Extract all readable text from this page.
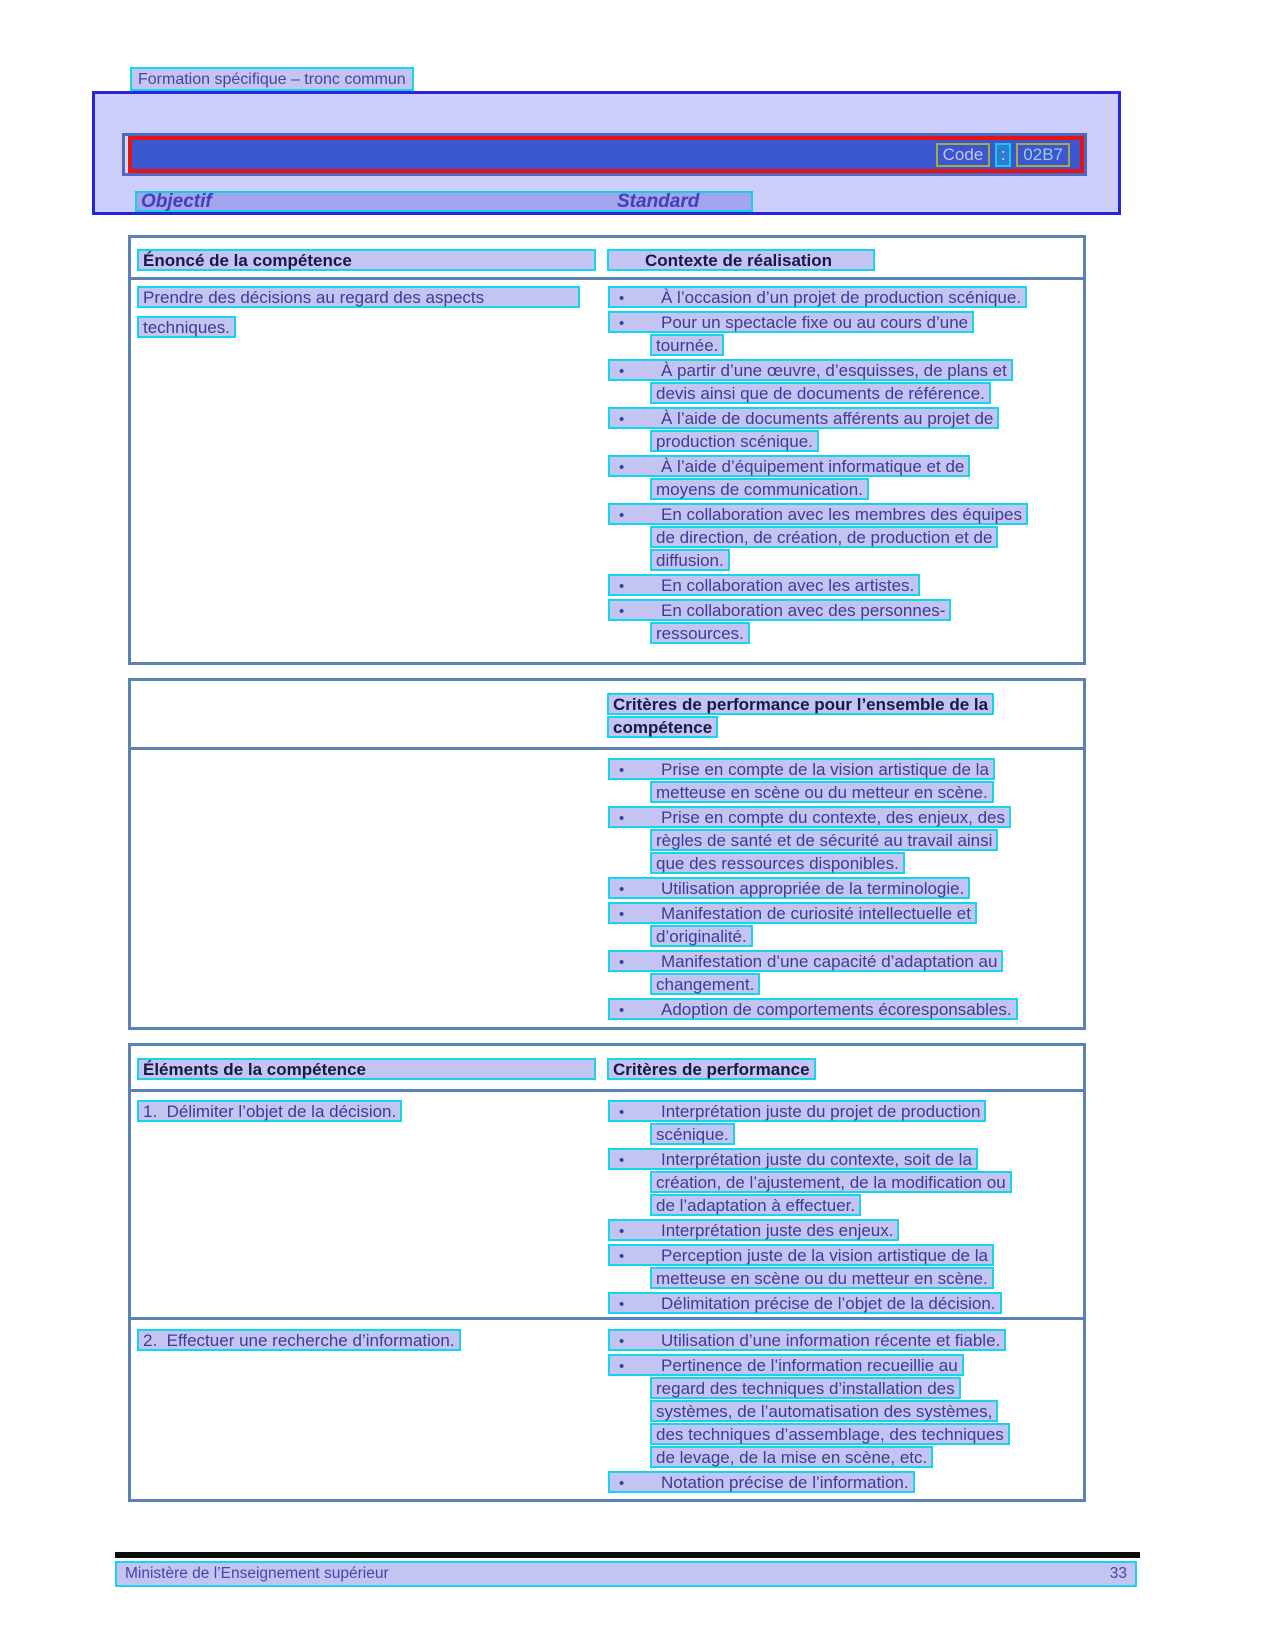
Formation spécifique – tronc commun
Code	:	02B7
Objectif	Standard
Énoncé de la compétence	Contexte de réalisation
Prendre des décisions au regard des aspects
techniques.
• À l’occasion d’un projet de production scénique.
• Pour un spectacle fixe ou au cours d’une
tournée.
• À partir d’une œuvre, d’esquisses, de plans et
devis ainsi que de documents de référence.
• À l’aide de documents afférents au projet de
production scénique.
• À l’aide d’équipement informatique et de
moyens de communication.
• En collaboration avec les membres des équipes
de direction, de création, de production et de
diffusion.
• En collaboration avec les artistes.
• En collaboration avec des personnes-
ressources.
Critères de performance pour l’ensemble de la
compétence
• Prise en compte de la vision artistique de la
metteuse en scène ou du metteur en scène.
• Prise en compte du contexte, des enjeux, des
règles de santé et de sécurité au travail ainsi
que des ressources disponibles.
• Utilisation appropriée de la terminologie.
• Manifestation de curiosité intellectuelle et
d’originalité.
• Manifestation d’une capacité d’adaptation au
changement.
• Adoption de comportements écoresponsables.
Éléments de la compétence	Critères de performance
1.  Délimiter l’objet de la décision.	• Interprétation juste du projet de production
scénique.
• Interprétation juste du contexte, soit de la
création, de l’ajustement, de la modification ou
de l’adaptation à effectuer.
• Interprétation juste des enjeux.
• Perception juste de la vision artistique de la
metteuse en scène ou du metteur en scène.
• Délimitation précise de l’objet de la décision.
2.  Effectuer une recherche d’information.	• Utilisation d’une information récente et fiable.
• Pertinence de l’information recueillie au
regard des techniques d’installation des
systèmes, de l’automatisation des systèmes,
des techniques d’assemblage, des techniques
de levage, de la mise en scène, etc.
• Notation précise de l’information.
Ministère de l’Enseignement supérieur	33
